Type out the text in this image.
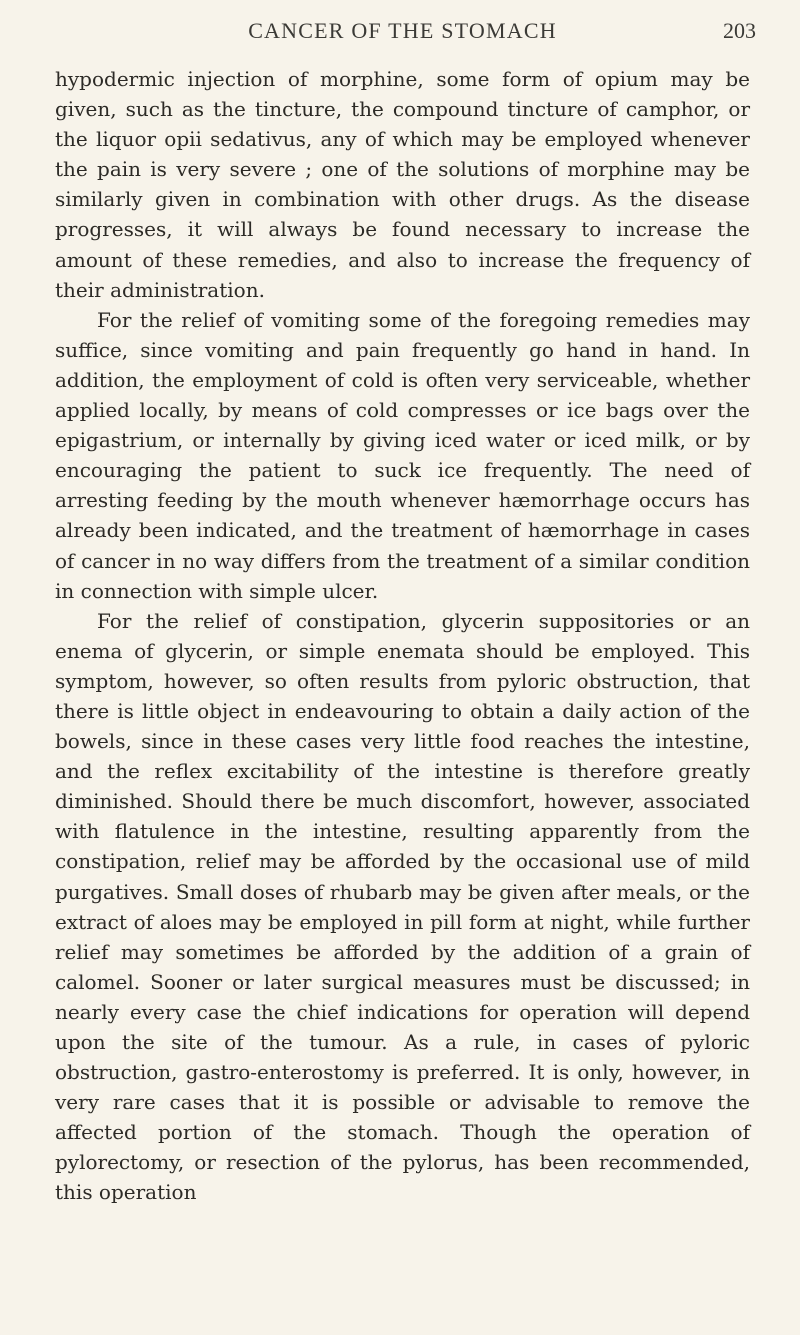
CANCER OF THE STOMACH	203

hypodermic injection of morphine, some form of opium may be given, such as the tincture, the compound tincture of camphor, or the liquor opii sedativus, any of which may be employed whenever the pain is very severe ; one of the solutions of morphine may be similarly given in combination with other drugs. As the disease progresses, it will always be found necessary to increase the amount of these remedies, and also to increase the frequency of their administration.

For the relief of vomiting some of the foregoing remedies may suffice, since vomiting and pain frequently go hand in hand. In addition, the employment of cold is often very serviceable, whether applied locally, by means of cold compresses or ice bags over the epigastrium, or internally by giving iced water or iced milk, or by encouraging the patient to suck ice frequently. The need of arresting feeding by the mouth whenever hæmorrhage occurs has already been indicated, and the treatment of hæmorrhage in cases of cancer in no way differs from the treatment of a similar condition in connection with simple ulcer.

For the relief of constipation, glycerin suppositories or an enema of glycerin, or simple enemata should be employed. This symptom, however, so often results from pyloric obstruction, that there is little object in endeavouring to obtain a daily action of the bowels, since in these cases very little food reaches the intestine, and the reflex excitability of the intestine is therefore greatly diminished. Should there be much discomfort, however, associated with flatulence in the intestine, resulting apparently from the constipation, relief may be afforded by the occasional use of mild purgatives. Small doses of rhubarb may be given after meals, or the extract of aloes may be employed in pill form at night, while further relief may sometimes be afforded by the addition of a grain of calomel. Sooner or later surgical measures must be discussed; in nearly every case the chief indications for operation will depend upon the site of the tumour. As a rule, in cases of pyloric obstruction, gastro-enterostomy is preferred. It is only, however, in very rare cases that it is possible or advisable to remove the affected portion of the stomach. Though the operation of pylorectomy, or resection of the pylorus, has been recommended, this operation
